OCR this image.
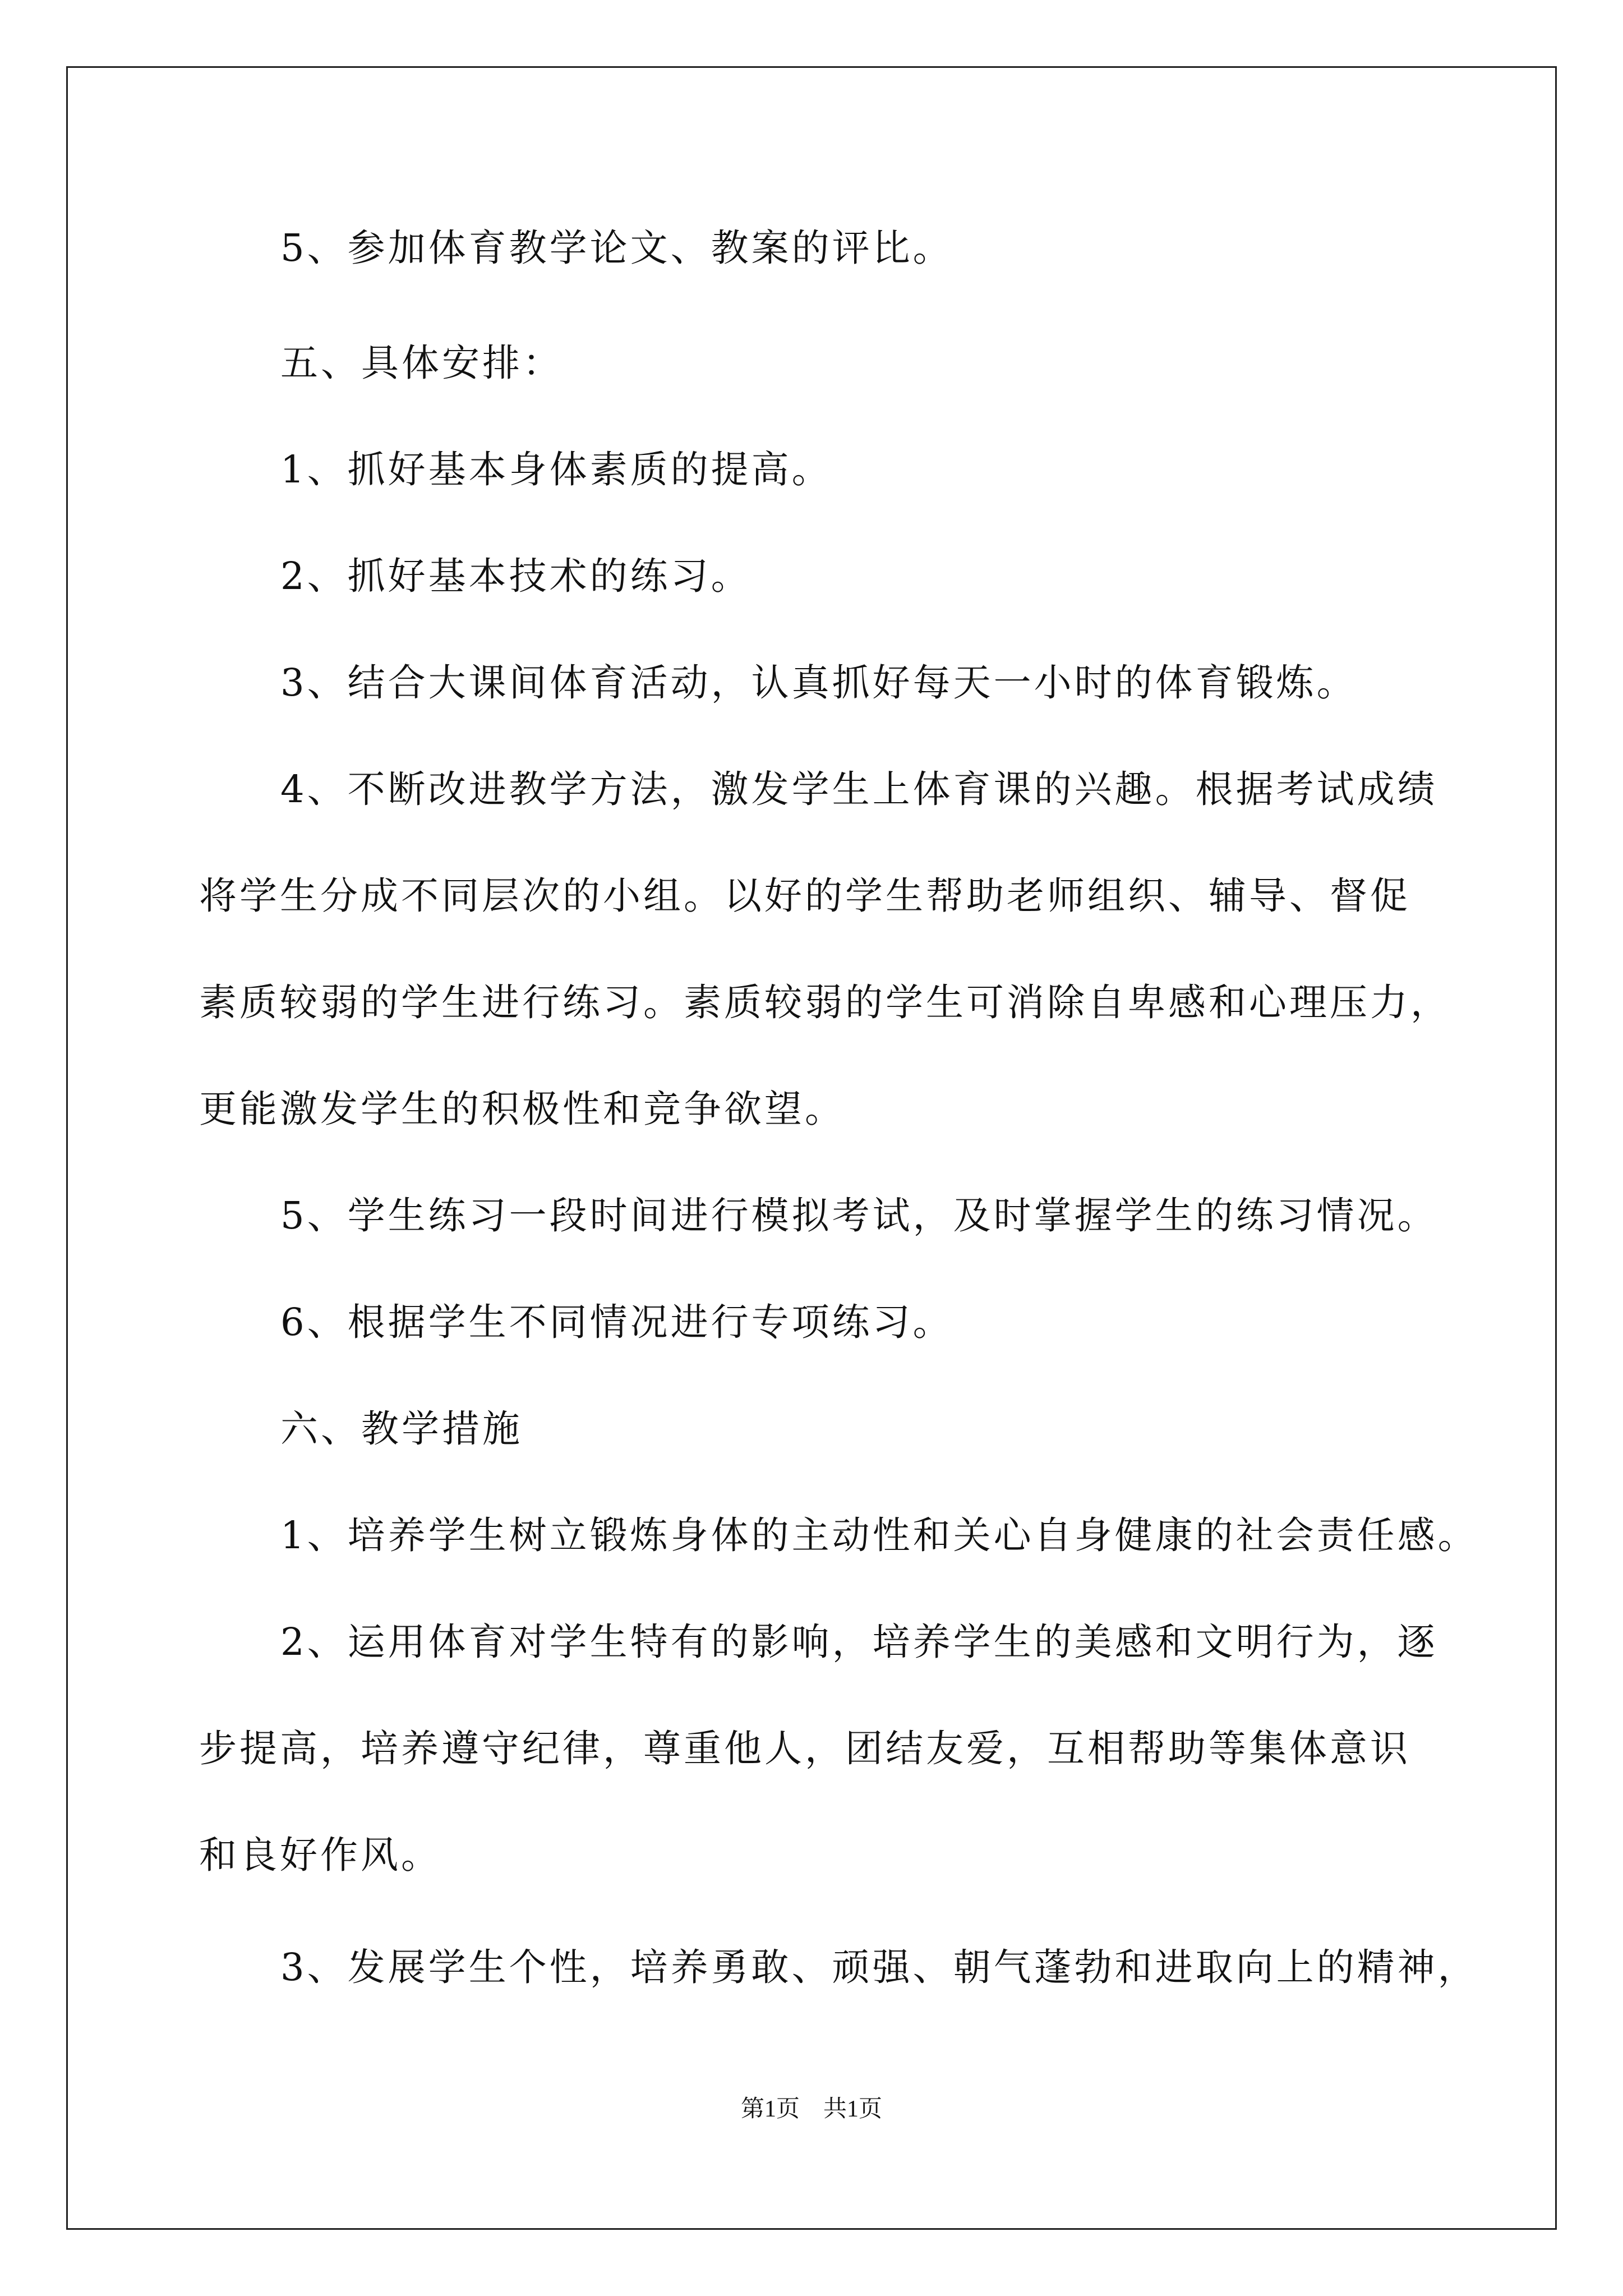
5、参加体育教学论文、教案的评比。
五、具体安排：
1、抓好基本身体素质的提高。
2、抓好基本技术的练习。
3、结合大课间体育活动，认真抓好每天一小时的体育锻炼。
4、不断改进教学方法，激发学生上体育课的兴趣。根据考试成绩
将学生分成不同层次的小组。以好的学生帮助老师组织、辅导、督促
素质较弱的学生进行练习。素质较弱的学生可消除自卑感和心理压力，
更能激发学生的积极性和竞争欲望。
5、学生练习一段时间进行模拟考试，及时掌握学生的练习情况。
6、根据学生不同情况进行专项练习。
六、教学措施
1、培养学生树立锻炼身体的主动性和关心自身健康的社会责任感。
2、运用体育对学生特有的影响，培养学生的美感和文明行为，逐
步提高，培养遵守纪律，尊重他人，团结友爱，互相帮助等集体意识
和良好作风。
3、发展学生个性，培养勇敢、顽强、朝气蓬勃和进取向上的精神，
第1页　共1页
